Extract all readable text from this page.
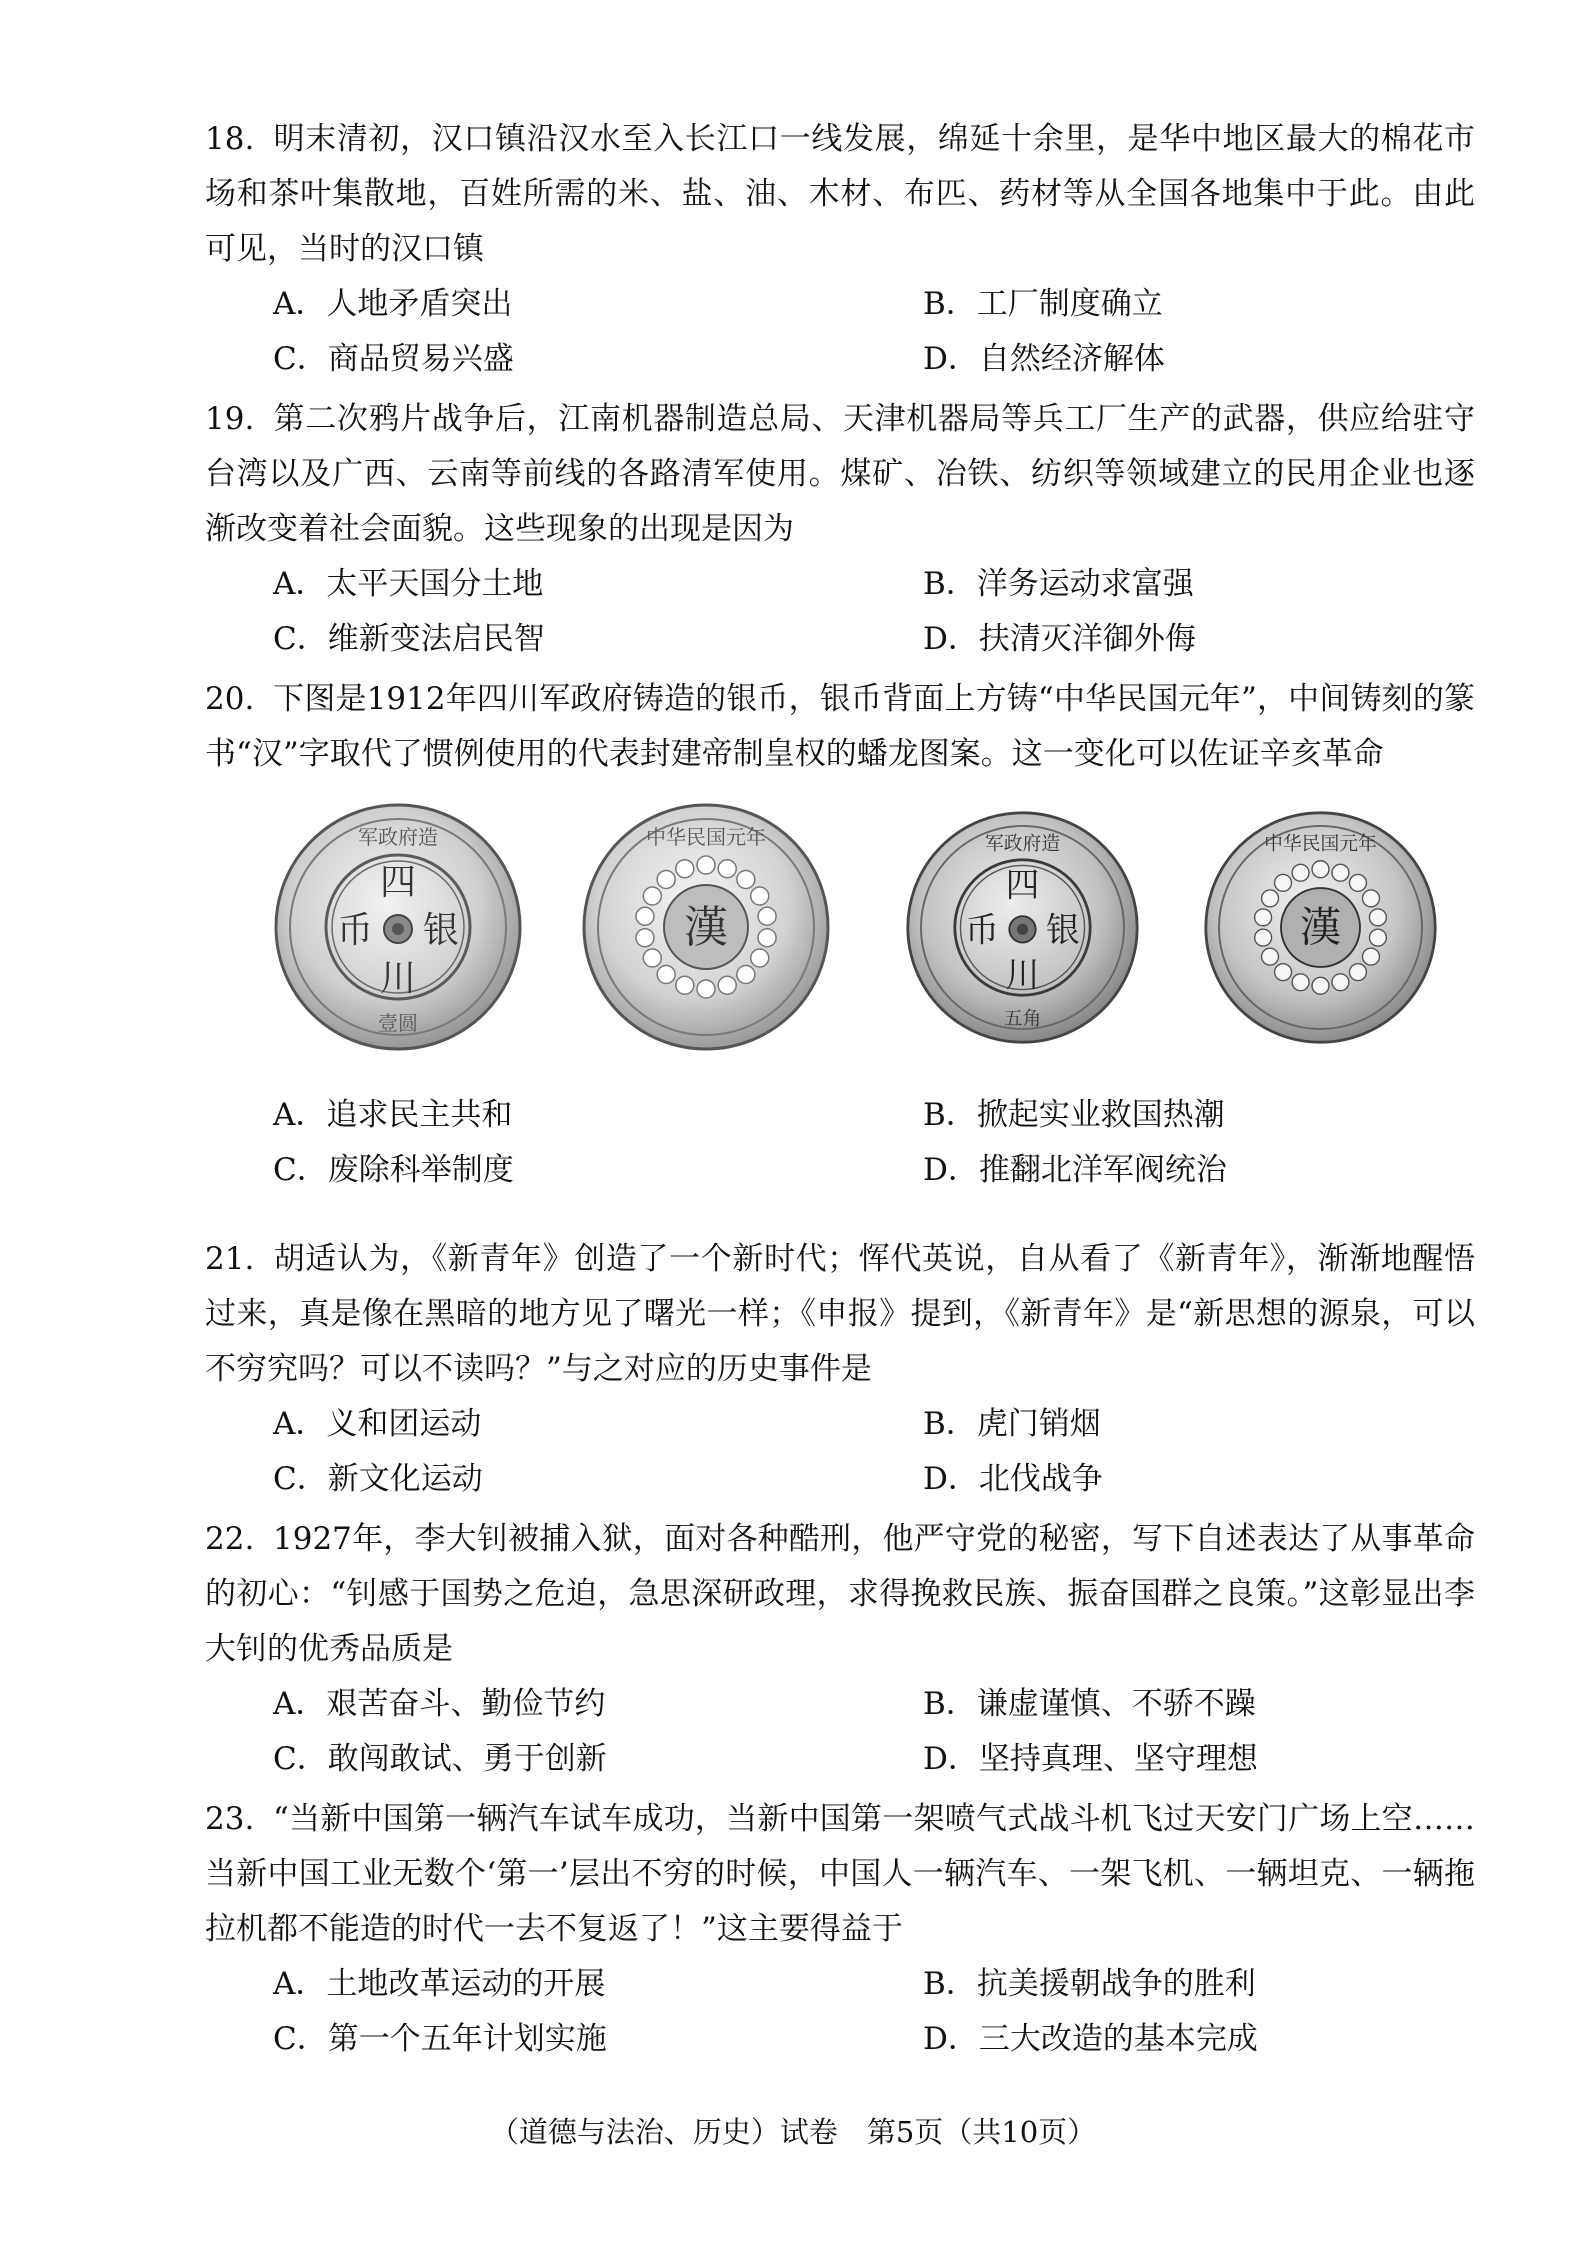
18. 明末清初，汉口镇沿汉水至入长江口一线发展，绵延十余里，是华中地区最大的棉花市场和茶叶集散地，百姓所需的米、盐、油、木材、布匹、药材等从全国各地集中于此。由此可见，当时的汉口镇

A．人地矛盾突出	B．工厂制度确立
C．商品贸易兴盛	D．自然经济解体

19. 第二次鸦片战争后，江南机器制造总局、天津机器局等兵工厂生产的武器，供应给驻守台湾以及广西、云南等前线的各路清军使用。煤矿、冶铁、纺织等领域建立的民用企业也逐渐改变着社会面貌。这些现象的出现是因为

A．太平天国分土地	B．洋务运动求富强
C．维新变法启民智	D．扶清灭洋御外侮

20. 下图是1912年四川军政府铸造的银币，银币背面上方铸“中华民国元年”，中间铸刻的篆书“汉”字取代了惯例使用的代表封建帝制皇权的蟠龙图案。这一变化可以佐证辛亥革命

军政府造
四
川
币 银
壹圆
漢
中华民国元年	军政府造
四
川
币 银
五角
漢
中华民国元年
A．追求民主共和	B．掀起实业救国热潮
C．废除科举制度	D．推翻北洋军阀统治

21. 胡适认为，《新青年》创造了一个新时代；恽代英说，自从看了《新青年》，渐渐地醒悟过来，真是像在黑暗的地方见了曙光一样；《申报》提到，《新青年》是“新思想的源泉，可以不穷究吗？可以不读吗？”与之对应的历史事件是

A．义和团运动	B．虎门销烟
C．新文化运动	D．北伐战争

22. 1927年，李大钊被捕入狱，面对各种酷刑，他严守党的秘密，写下自述表达了从事革命的初心：“钊感于国势之危迫，急思深研政理，求得挽救民族、振奋国群之良策。”这彰显出李大钊的优秀品质是

A．艰苦奋斗、勤俭节约	B．谦虚谨慎、不骄不躁
C．敢闯敢试、勇于创新	D．坚持真理、坚守理想

23. “当新中国第一辆汽车试车成功，当新中国第一架喷气式战斗机飞过天安门广场上空……当新中国工业无数个‘第一’层出不穷的时候，中国人一辆汽车、一架飞机、一辆坦克、一辆拖拉机都不能造的时代一去不复返了！”这主要得益于

A．土地改革运动的开展	B．抗美援朝战争的胜利
C．第一个五年计划实施	D．三大改造的基本完成
（道德与法治、历史）试卷　第5页（共10页）
